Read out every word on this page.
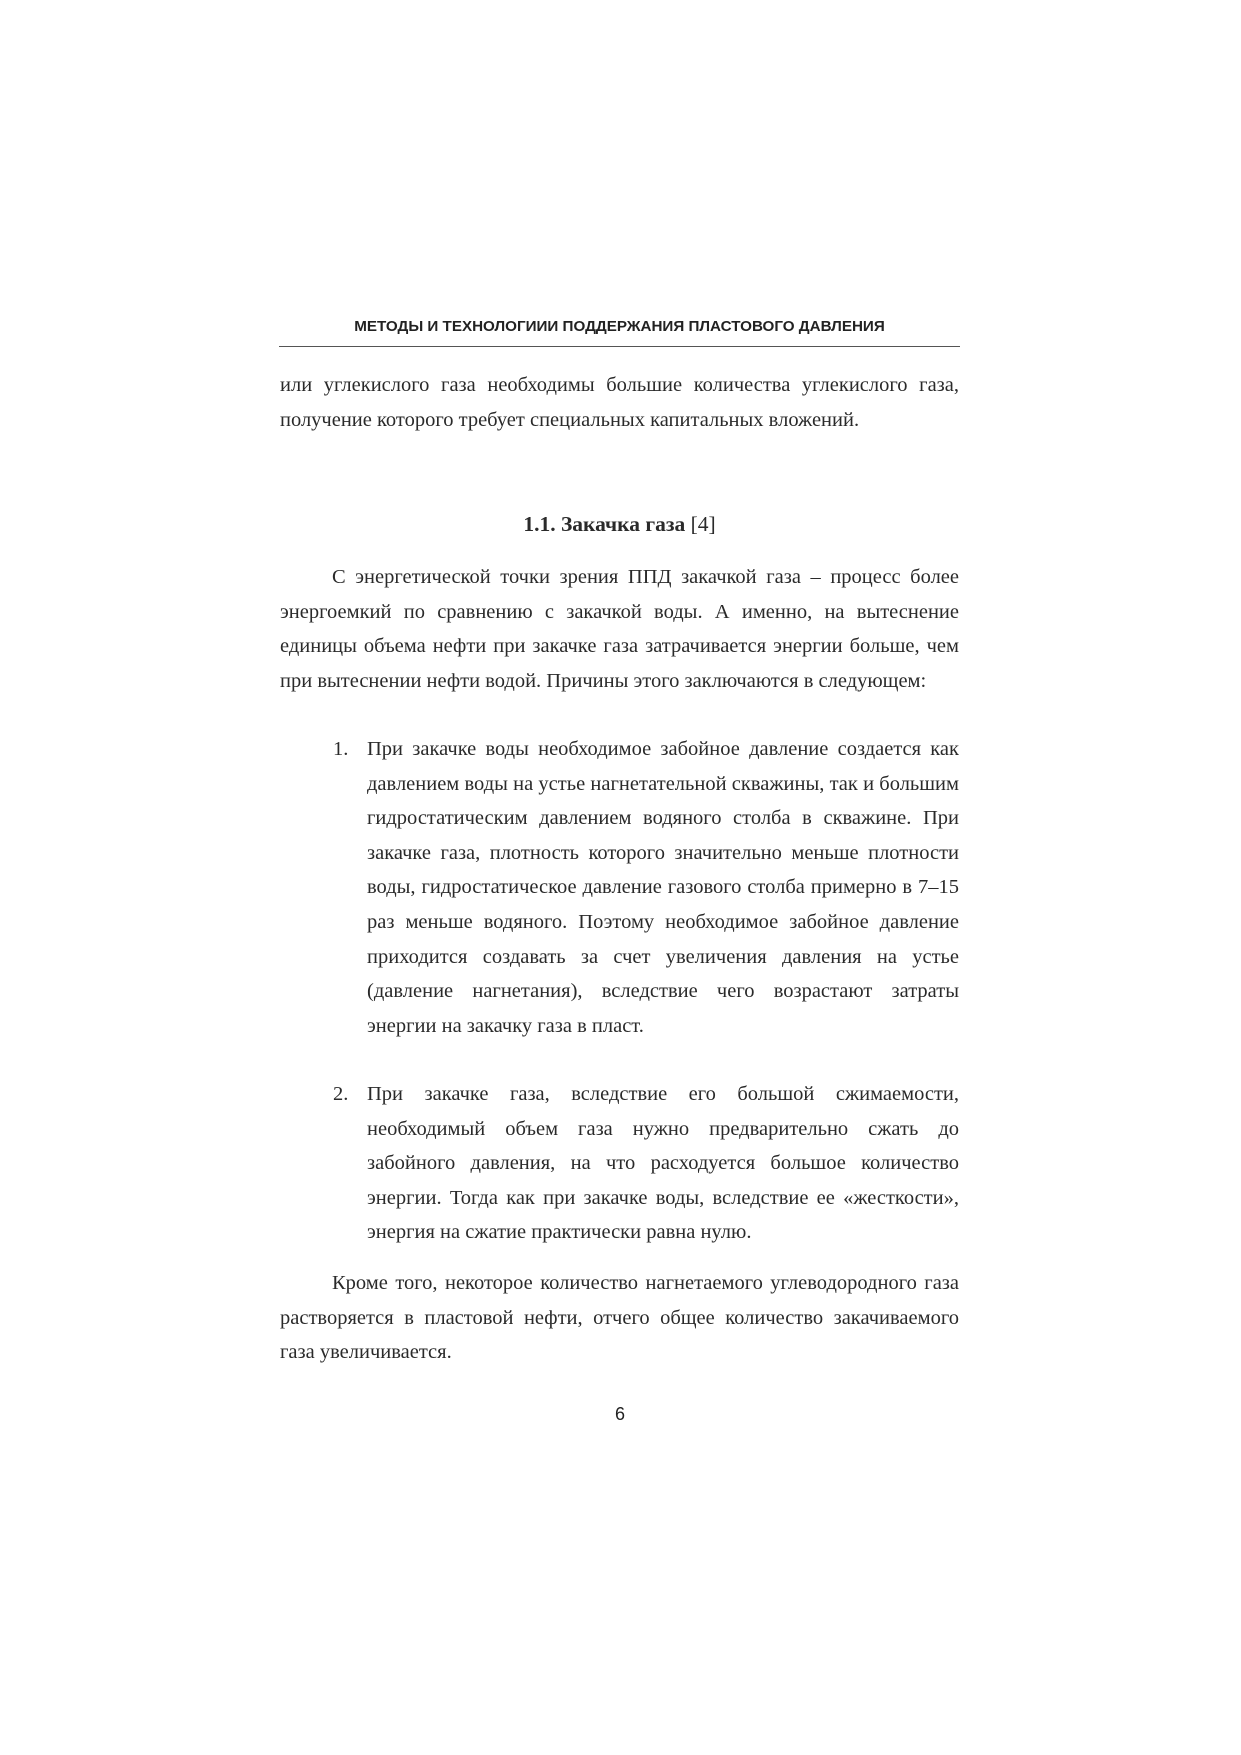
МЕТОДЫ И ТЕХНОЛОГИИИ ПОДДЕРЖАНИЯ ПЛАСТОВОГО ДАВЛЕНИЯ

или углекислого газа необходимы большие количества углекислого газа, получение которого требует специальных капитальных вложений.

1.1. Закачка газа [4]

С энергетической точки зрения ППД закачкой газа – процесс более энергоемкий по сравнению с закачкой воды. А именно, на вытеснение единицы объема нефти при закачке газа затрачивается энергии больше, чем при вытеснении нефти водой. Причины этого заключаются в следующем:

1. При закачке воды необходимое забойное давление создается как давлением воды на устье нагнетательной скважины, так и большим гидростатическим давлением водяного столба в скважине. При закачке газа, плотность которого значительно меньше плотности воды, гидростатическое давление газового столба примерно в 7–15 раз меньше водяного. Поэтому необходимое забойное давление приходится создавать за счет увеличения давления на устье (давление нагнетания), вследствие чего возрастают затраты энергии на закачку газа в пласт.
2. При закачке газа, вследствие его большой сжимаемости, необходимый объем газа нужно предварительно сжать до забойного давления, на что расходуется большое количество энергии. Тогда как при закачке воды, вследствие ее «жесткости», энергия на сжатие практически равна нулю.

Кроме того, некоторое количество нагнетаемого углеводородного газа растворяется в пластовой нефти, отчего общее количество закачиваемого газа увеличивается.

6
